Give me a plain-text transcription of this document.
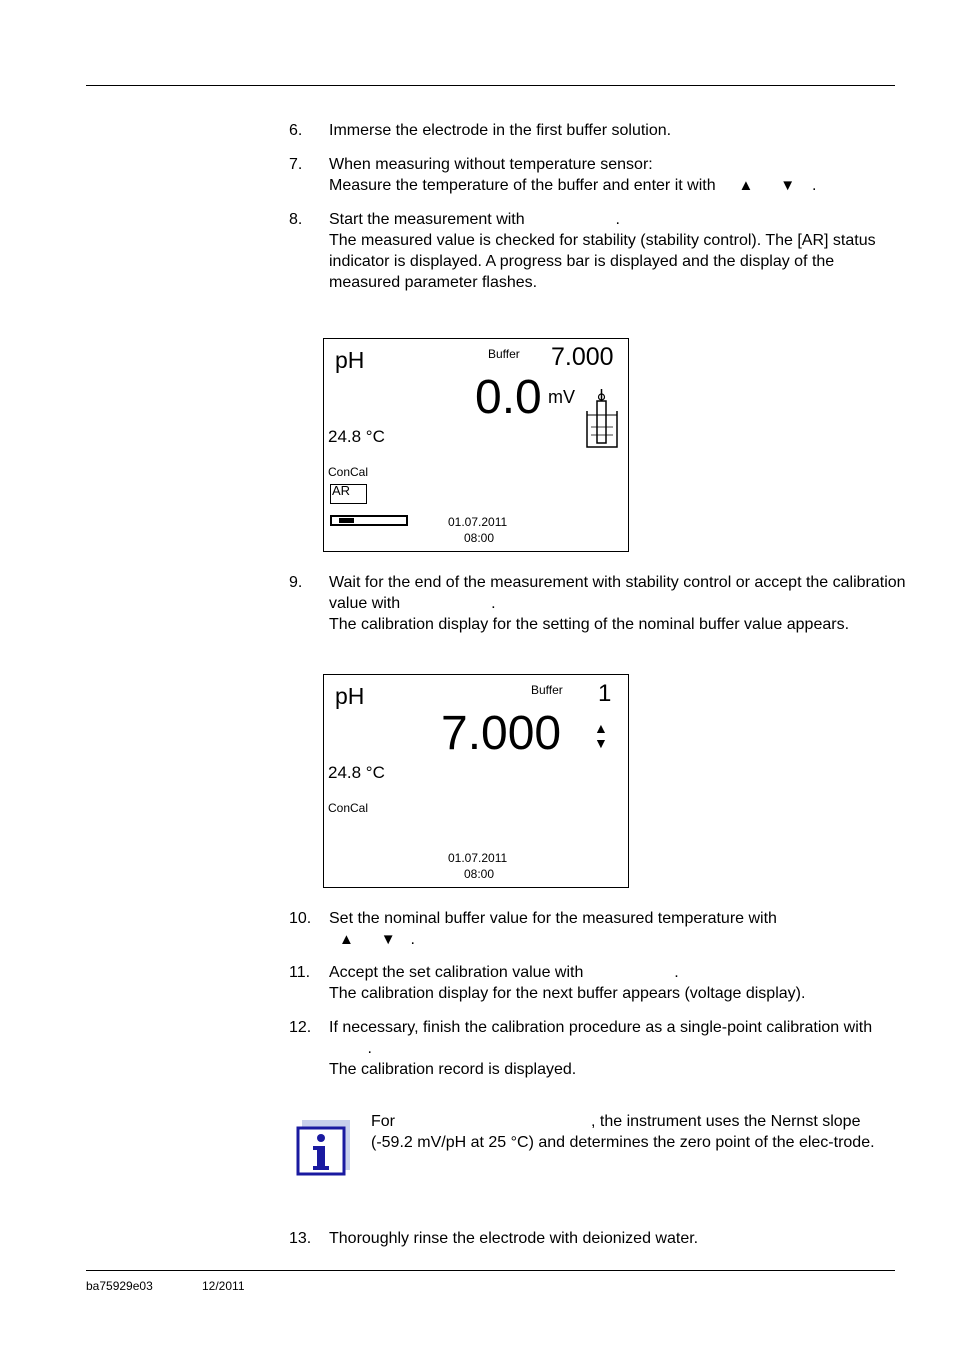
6. Immerse the electrode in the first buffer solution.
7. When measuring without temperature sensor:
Measure the temperature of the buffer and enter it with ▲ ▼ .
8. Start the measurement with	.
The measured value is checked for stability (stability control). The [AR] status indicator is displayed. A progress bar is displayed and the display of the measured parameter flashes.
pH	Buffer 7.000
0.0 mV
24.8 °C
ConCal
AR
01.07.2011
08:00
9. Wait for the end of the measurement with stability control or accept the calibration value with	.
The calibration display for the setting of the nominal buffer value appears.
pH	Buffer 1
7.000 ▲
▼
24.8 °C
ConCal
01.07.2011
08:00
10. Set the nominal buffer value for the measured temperature with
▲ ▼ .
11. Accept the set calibration value with	.
The calibration display for the next buffer appears (voltage display).
12. If necessary, finish the calibration procedure as a single-point calibration with  .
The calibration record is displayed.
For	, the instrument uses the Nernst slope (-59.2 mV/pH at 25 °C) and determines the zero point of the elec-trode.
13. Thoroughly rinse the electrode with deionized water.
ba75929e03	12/2011
